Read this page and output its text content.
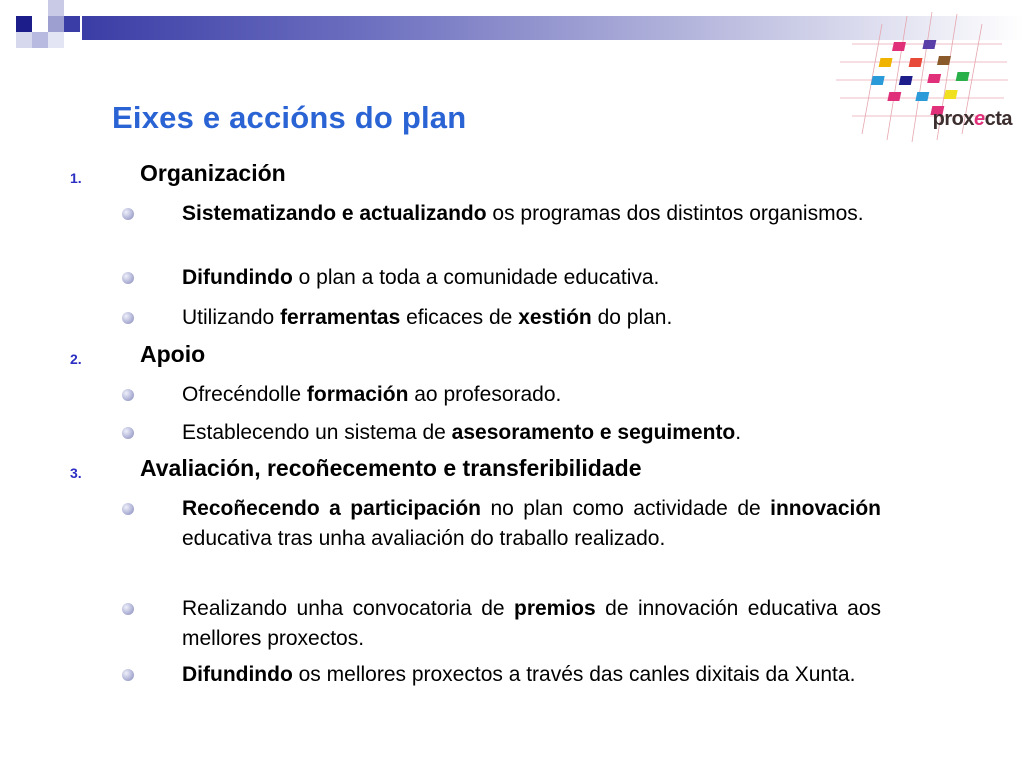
proxecta
Eixes e accións do plan
1.	Organización
Sistematizando e actualizando os programas dos distintos organismos.
Difundindo o plan a toda a comunidade educativa.
Utilizando ferramentas eficaces de xestión do plan.
2.	Apoio
Ofrecéndolle formación ao profesorado.
Establecendo un sistema de asesoramento e seguimento.
3.	Avaliación, recoñecemento e transferibilidade
Recoñecendo a participación no plan como actividade de innovación educativa tras unha avaliación do traballo realizado.
Realizando unha convocatoria de premios de innovación educativa aos mellores proxectos.
Difundindo os mellores proxectos a través das canles dixitais da Xunta.
